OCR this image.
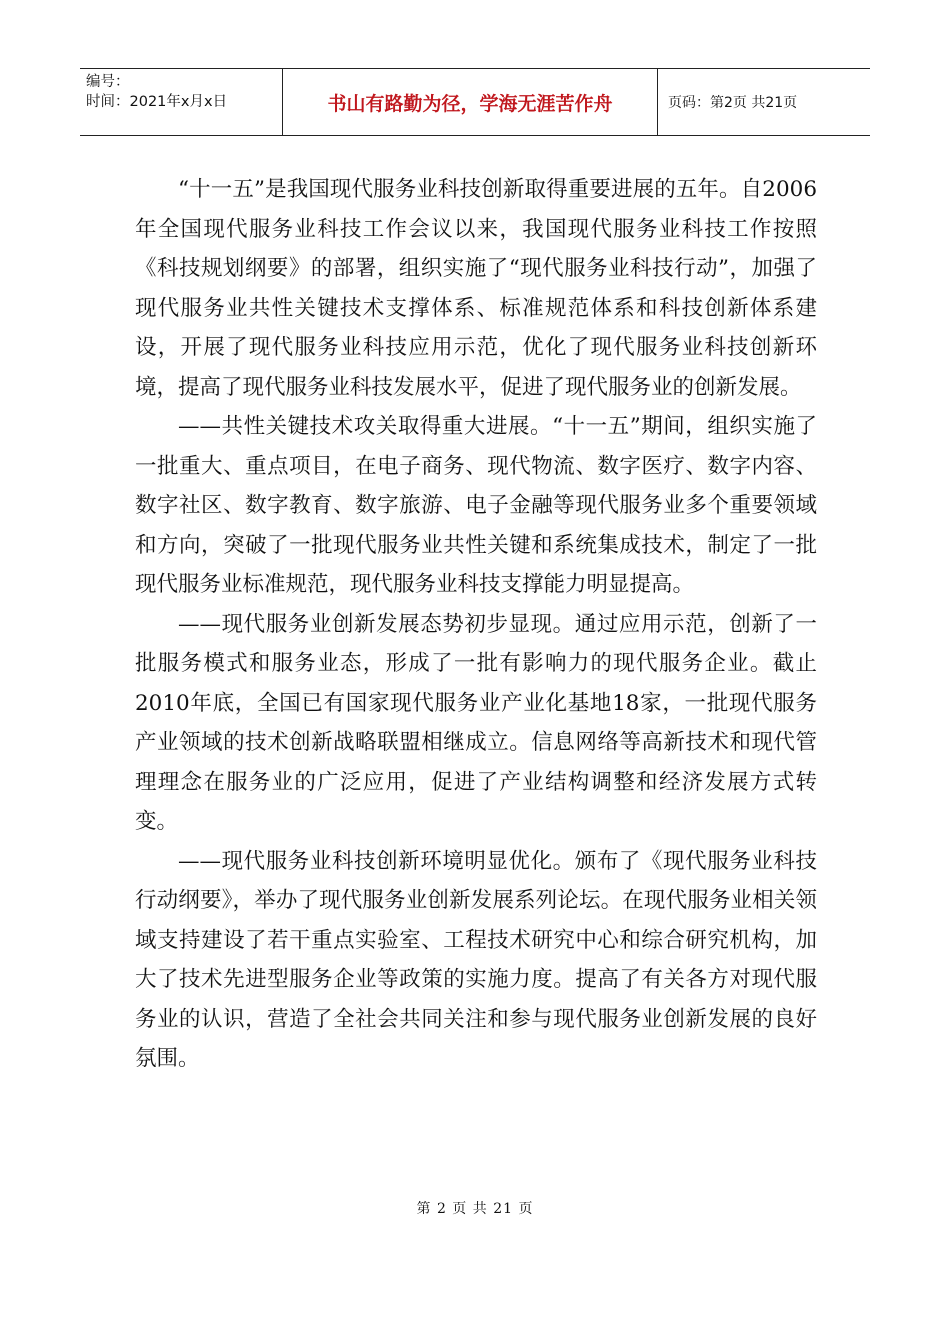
编号：
时间：2021年x月x日	书山有路勤为径，学海无涯苦作舟	页码：第2页 共21页

“十一五”是我国现代服务业科技创新取得重要进展的五年。自2006年全国现代服务业科技工作会议以来，我国现代服务业科技工作按照《科技规划纲要》的部署，组织实施了“现代服务业科技行动”，加强了现代服务业共性关键技术支撑体系、标准规范体系和科技创新体系建设，开展了现代服务业科技应用示范，优化了现代服务业科技创新环境，提高了现代服务业科技发展水平，促进了现代服务业的创新发展。

——共性关键技术攻关取得重大进展。“十一五”期间，组织实施了一批重大、重点项目，在电子商务、现代物流、数字医疗、数字内容、数字社区、数字教育、数字旅游、电子金融等现代服务业多个重要领域和方向，突破了一批现代服务业共性关键和系统集成技术，制定了一批现代服务业标准规范，现代服务业科技支撑能力明显提高。

——现代服务业创新发展态势初步显现。通过应用示范，创新了一批服务模式和服务业态，形成了一批有影响力的现代服务企业。截止2010年底，全国已有国家现代服务业产业化基地18家，一批现代服务产业领域的技术创新战略联盟相继成立。信息网络等高新技术和现代管理理念在服务业的广泛应用，促进了产业结构调整和经济发展方式转变。

——现代服务业科技创新环境明显优化。颁布了《现代服务业科技行动纲要》，举办了现代服务业创新发展系列论坛。在现代服务业相关领域支持建设了若干重点实验室、工程技术研究中心和综合研究机构，加大了技术先进型服务企业等政策的实施力度。提高了有关各方对现代服务业的认识，营造了全社会共同关注和参与现代服务业创新发展的良好氛围。

第 2 页 共 21 页
